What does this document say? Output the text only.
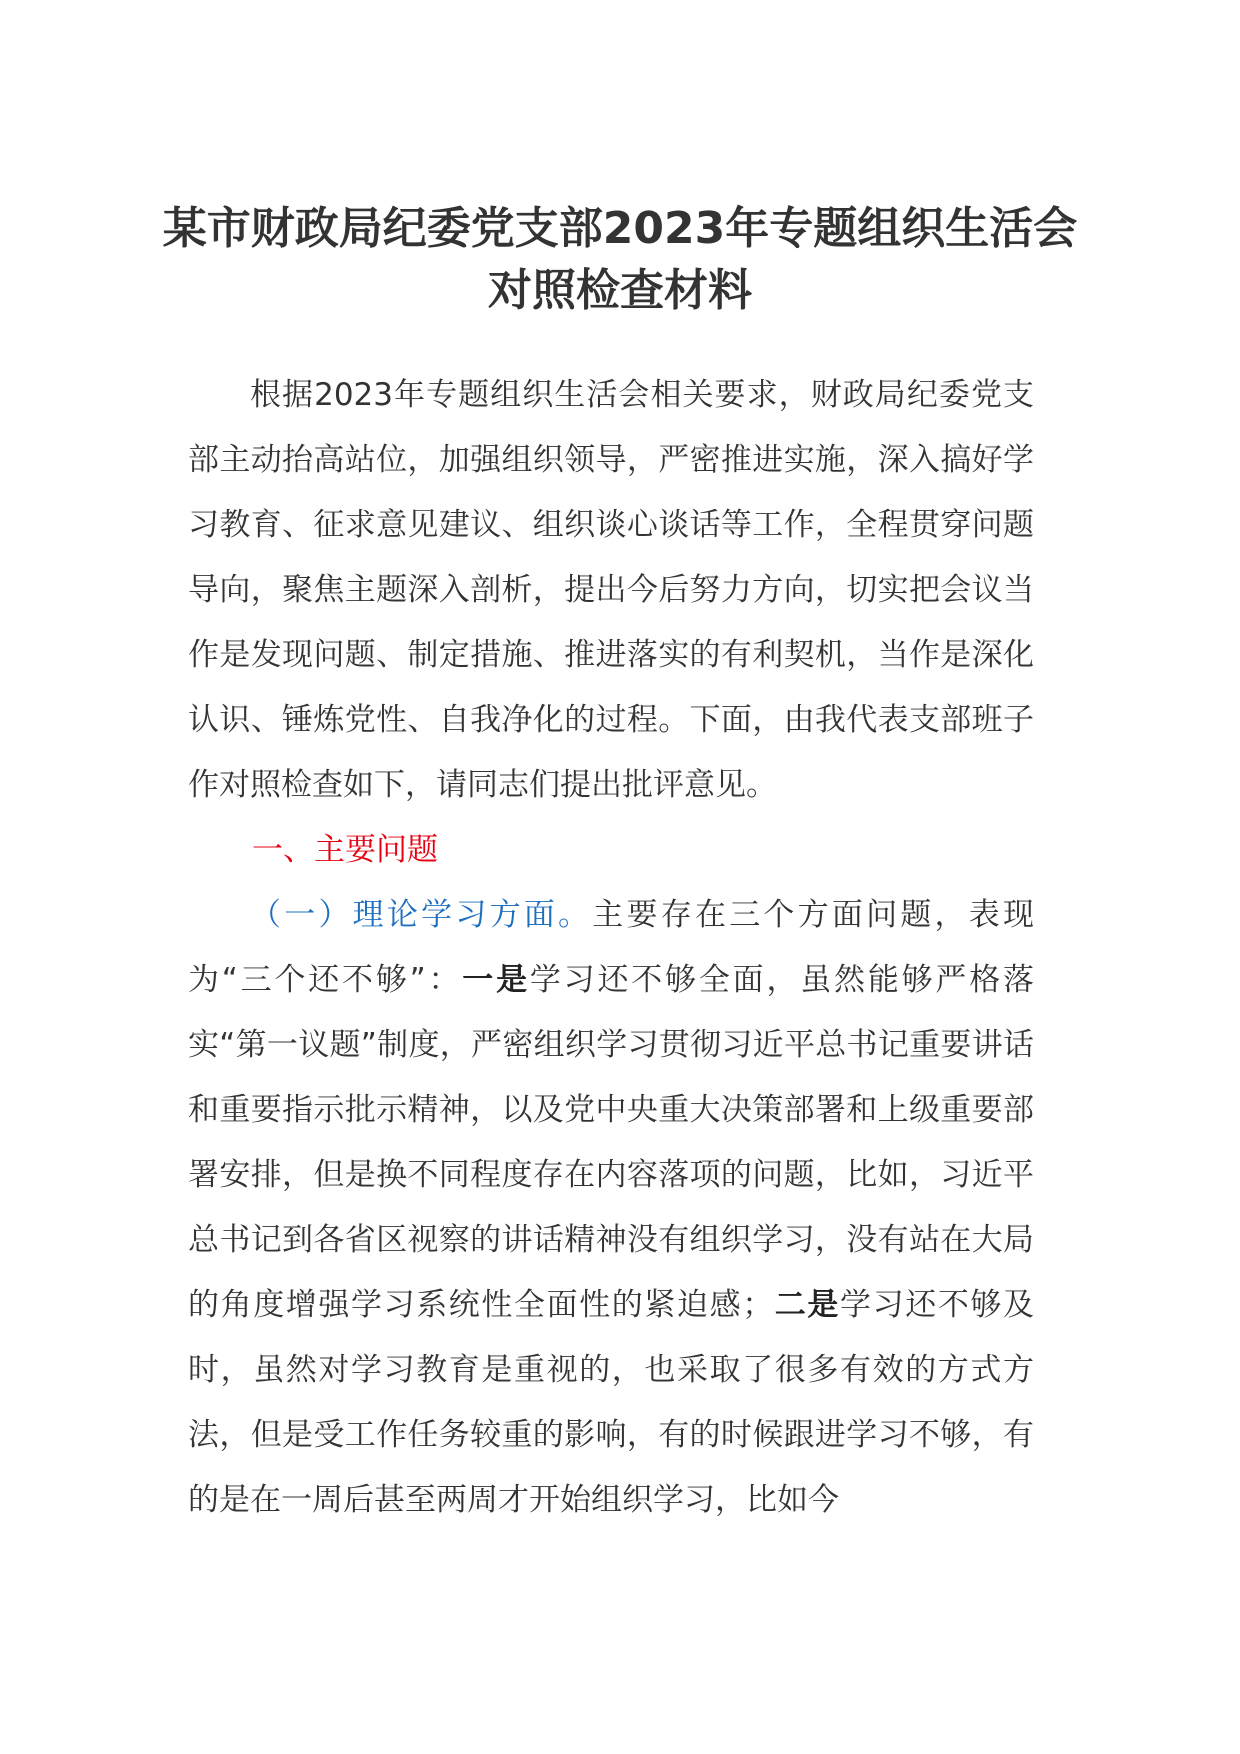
某市财政局纪委党支部2023年专题组织生活会对照检查材料

根据2023年专题组织生活会相关要求，财政局纪委党支部主动抬高站位，加强组织领导，严密推进实施，深入搞好学习教育、征求意见建议、组织谈心谈话等工作，全程贯穿问题导向，聚焦主题深入剖析，提出今后努力方向，切实把会议当作是发现问题、制定措施、推进落实的有利契机，当作是深化认识、锤炼党性、自我净化的过程。下面，由我代表支部班子作对照检查如下，请同志们提出批评意见。

一、主要问题

（一）理论学习方面。主要存在三个方面问题，表现为“三个还不够”：一是学习还不够全面，虽然能够严格落实“第一议题”制度，严密组织学习贯彻习近平总书记重要讲话和重要指示批示精神，以及党中央重大决策部署和上级重要部署安排，但是换不同程度存在内容落项的问题，比如，习近平总书记到各省区视察的讲话精神没有组织学习，没有站在大局的角度增强学习系统性全面性的紧迫感；二是学习还不够及时，虽然对学习教育是重视的，也采取了很多有效的方式方法，但是受工作任务较重的影响，有的时候跟进学习不够，有的是在一周后甚至两周才开始组织学习，比如今
